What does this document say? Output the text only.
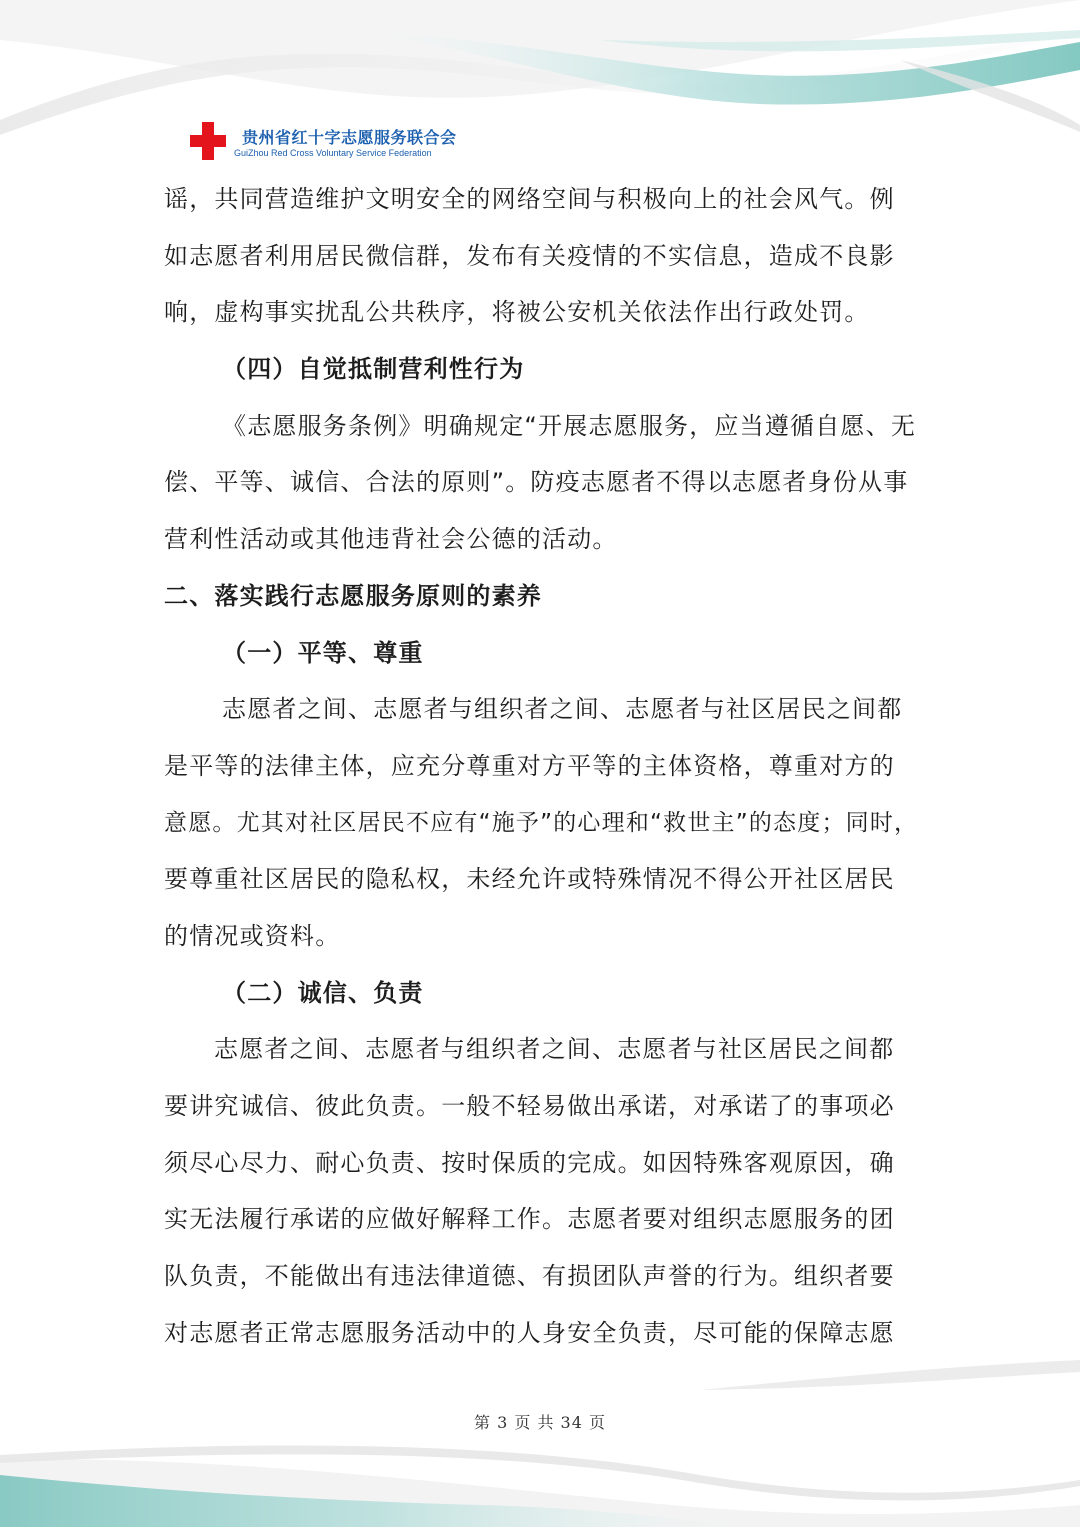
贵州省红十字志愿服务联合会
GuiZhou Red Cross Voluntary Service Federation
谣，共同营造维护文明安全的网络空间与积极向上的社会风气。例
如志愿者利用居民微信群，发布有关疫情的不实信息，造成不良影
响，虚构事实扰乱公共秩序，将被公安机关依法作出行政处罚。
（四）自觉抵制营利性行为
《志愿服务条例》明确规定“开展志愿服务，应当遵循自愿、无
偿、平等、诚信、合法的原则”。防疫志愿者不得以志愿者身份从事
营利性活动或其他违背社会公德的活动。
二、落实践行志愿服务原则的素养
（一）平等、尊重
志愿者之间、志愿者与组织者之间、志愿者与社区居民之间都
是平等的法律主体，应充分尊重对方平等的主体资格，尊重对方的
意愿。尤其对社区居民不应有“施予”的心理和“救世主”的态度；同时，
要尊重社区居民的隐私权，未经允许或特殊情况不得公开社区居民
的情况或资料。
（二）诚信、负责
志愿者之间、志愿者与组织者之间、志愿者与社区居民之间都
要讲究诚信、彼此负责。一般不轻易做出承诺，对承诺了的事项必
须尽心尽力、耐心负责、按时保质的完成。如因特殊客观原因，确
实无法履行承诺的应做好解释工作。志愿者要对组织志愿服务的团
队负责，不能做出有违法律道德、有损团队声誉的行为。组织者要
对志愿者正常志愿服务活动中的人身安全负责，尽可能的保障志愿
第 3 页 共 34 页
